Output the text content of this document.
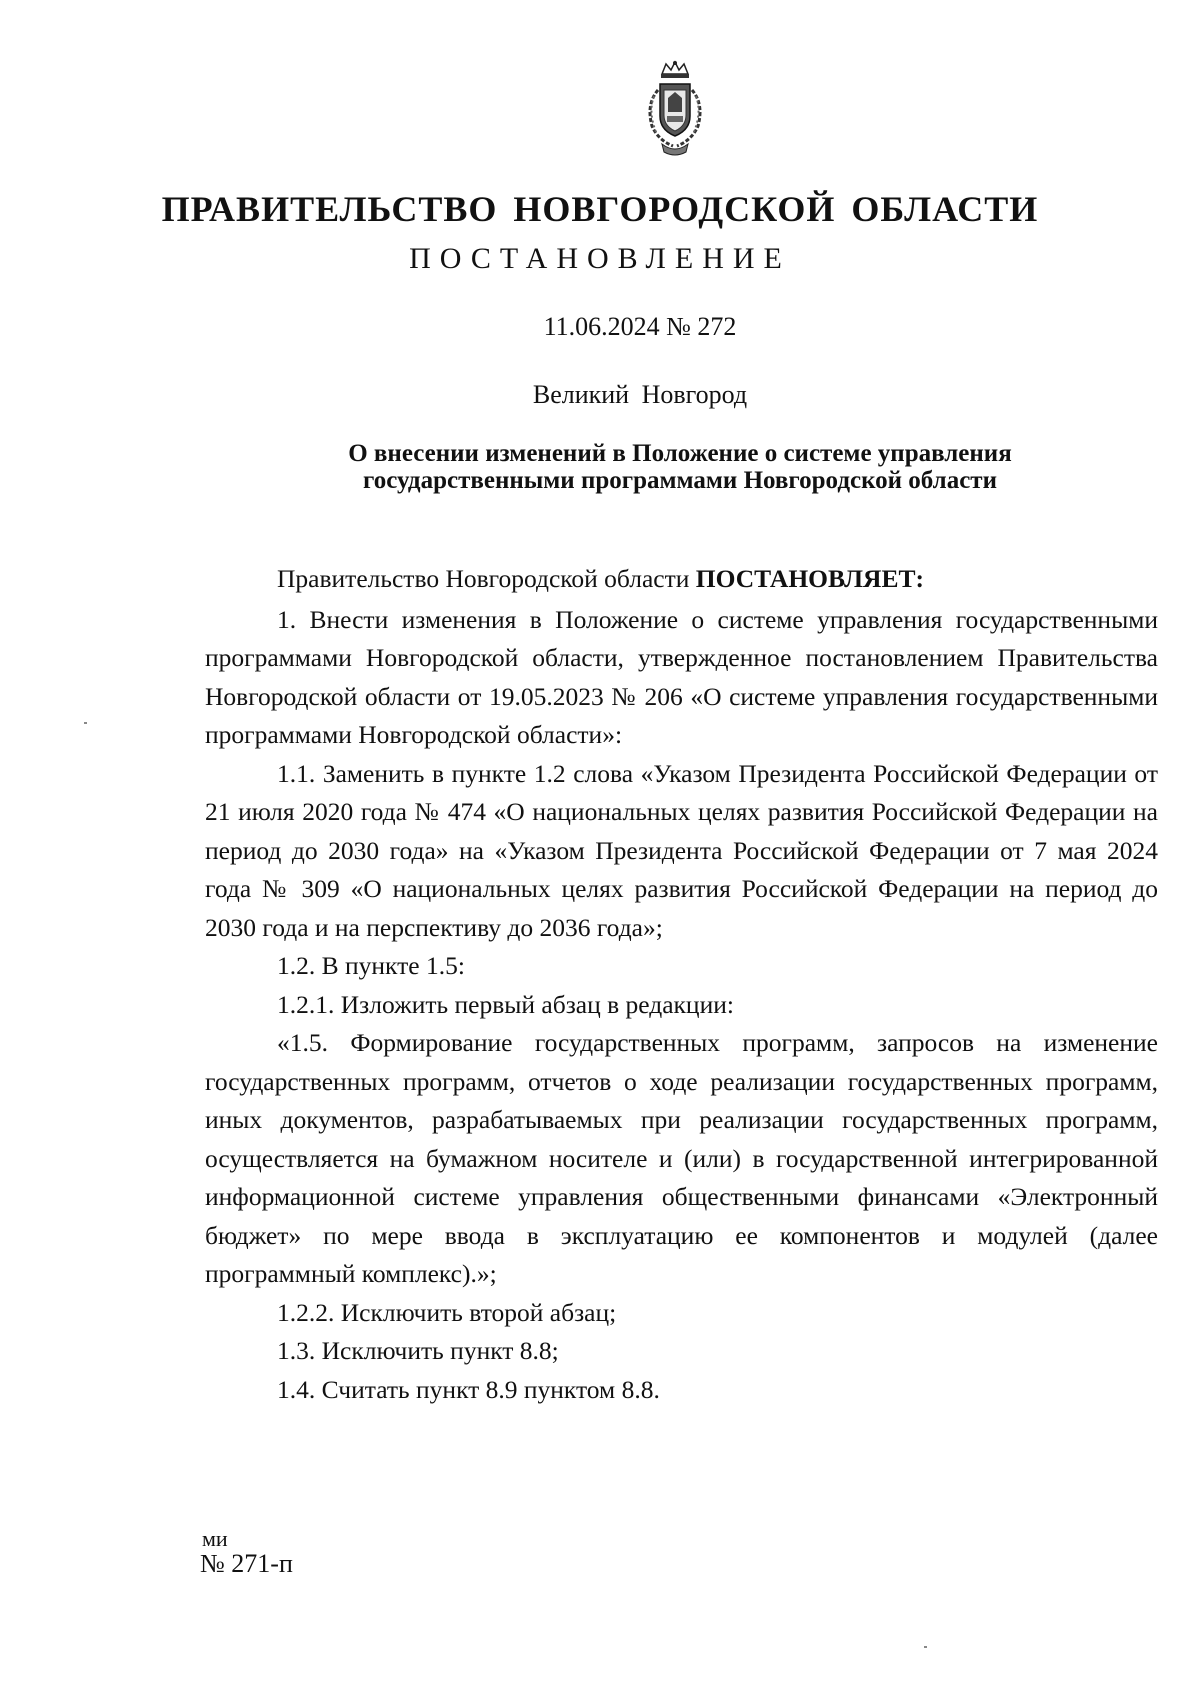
ПРАВИТЕЛЬСТВО НОВГОРОДСКОЙ ОБЛАСТИ
ПОСТАНОВЛЕНИЕ
11.06.2024 № 272
Великий Новгород
О внесении изменений в Положение о системе управления
государственными программами Новгородской области

Правительство Новгородской области ПОСТАНОВЛЯЕТ:

1. Внести изменения в Положение о системе управления государственными программами Новгородской области, утвержденное постановлением Правительства Новгородской области от 19.05.2023 № 206 «О системе управления государственными программами Новгородской области»:

1.1. Заменить в пункте 1.2 слова «Указом Президента Российской Федерации от 21 июля 2020 года № 474 «О национальных целях развития Российской Федерации на период до 2030 года» на «Указом Президента Российской Федерации от 7 мая 2024 года № 309 «О национальных целях развития Российской Федерации на период до 2030 года и на перспективу до 2036 года»;

1.2. В пункте 1.5:

1.2.1. Изложить первый абзац в редакции:

«1.5. Формирование государственных программ, запросов на изменение государственных программ, отчетов о ходе реализации государственных программ, иных документов, разрабатываемых при реализации государственных программ, осуществляется на бумажном носителе и (или) в государственной интегрированной информационной системе управления общественными финансами «Электронный бюджет» по мере ввода в эксплуатацию ее компонентов и модулей (далее программный комплекс).»;

1.2.2. Исключить второй абзац;

1.3. Исключить пункт 8.8;

1.4. Считать пункт 8.9 пунктом 8.8.

ми
№ 271-п
